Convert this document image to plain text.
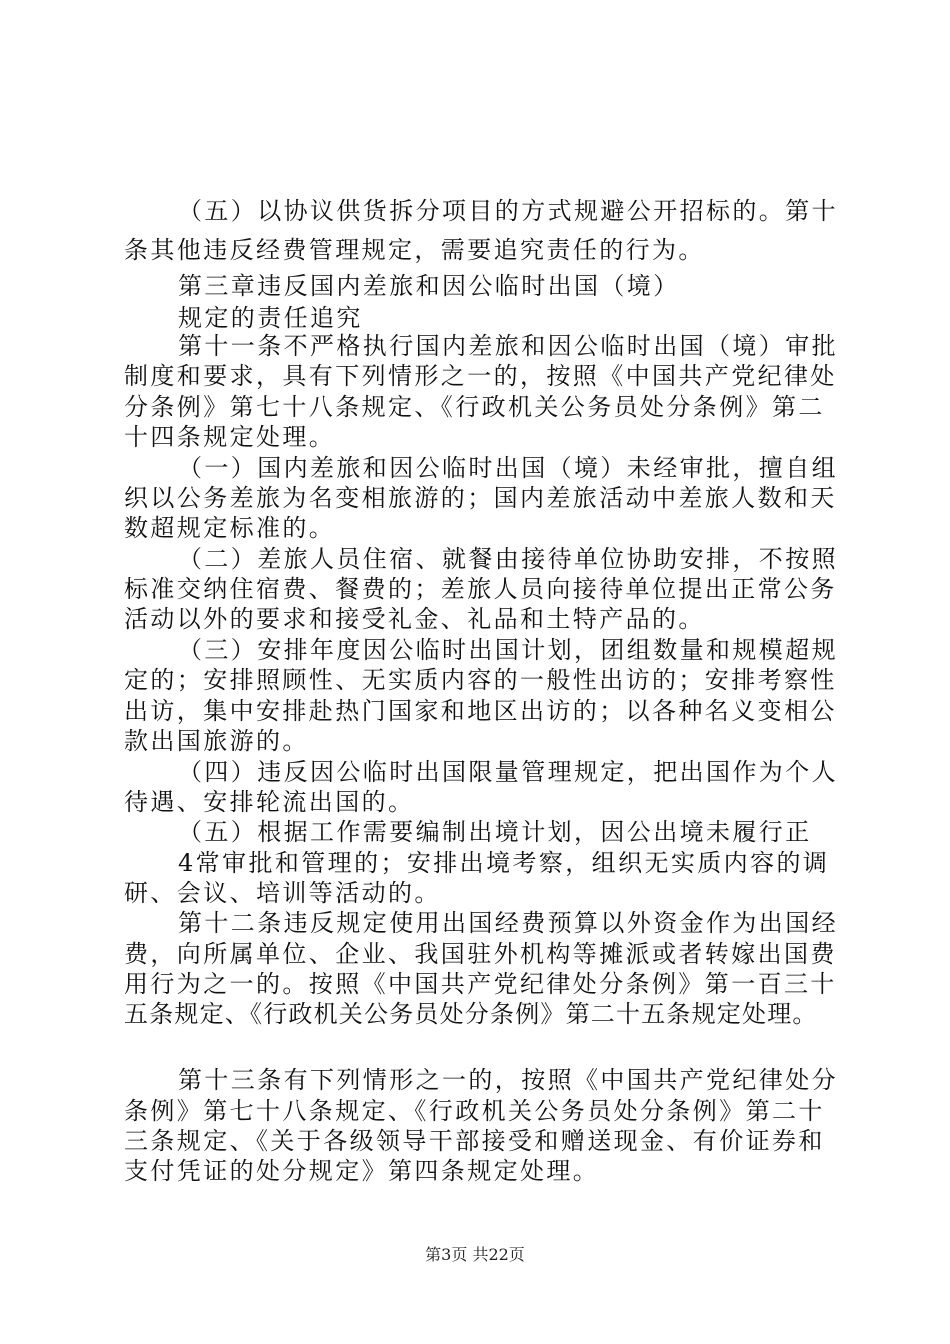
（五）以协议供货拆分项目的方式规避公开招标的。第十

条其他违反经费管理规定，需要追究责任的行为。

第三章违反国内差旅和因公临时出国（境）

规定的责任追究

第十一条不严格执行国内差旅和因公临时出国（境）审批

制度和要求，具有下列情形之一的，按照《中国共产党纪律处

分条例》第七十八条规定、《行政机关公务员处分条例》第二

十四条规定处理。

（一）国内差旅和因公临时出国（境）未经审批，擅自组

织以公务差旅为名变相旅游的；国内差旅活动中差旅人数和天

数超规定标准的。

（二）差旅人员住宿、就餐由接待单位协助安排，不按照

标准交纳住宿费、餐费的；差旅人员向接待单位提出正常公务

活动以外的要求和接受礼金、礼品和土特产品的。

（三）安排年度因公临时出国计划，团组数量和规模超规

定的；安排照顾性、无实质内容的一般性出访的；安排考察性

出访，集中安排赴热门国家和地区出访的；以各种名义变相公

款出国旅游的。

（四）违反因公临时出国限量管理规定，把出国作为个人

待遇、安排轮流出国的。

（五）根据工作需要编制出境计划，因公出境未履行正

4常审批和管理的；安排出境考察，组织无实质内容的调

研、会议、培训等活动的。

第十二条违反规定使用出国经费预算以外资金作为出国经

费，向所属单位、企业、我国驻外机构等摊派或者转嫁出国费

用行为之一的。按照《中国共产党纪律处分条例》第一百三十

五条规定、《行政机关公务员处分条例》第二十五条规定处理。

第十三条有下列情形之一的，按照《中国共产党纪律处分

条例》第七十八条规定、《行政机关公务员处分条例》第二十

三条规定、《关于各级领导干部接受和赠送现金、有价证券和

支付凭证的处分规定》第四条规定处理。

第3页 共22页
